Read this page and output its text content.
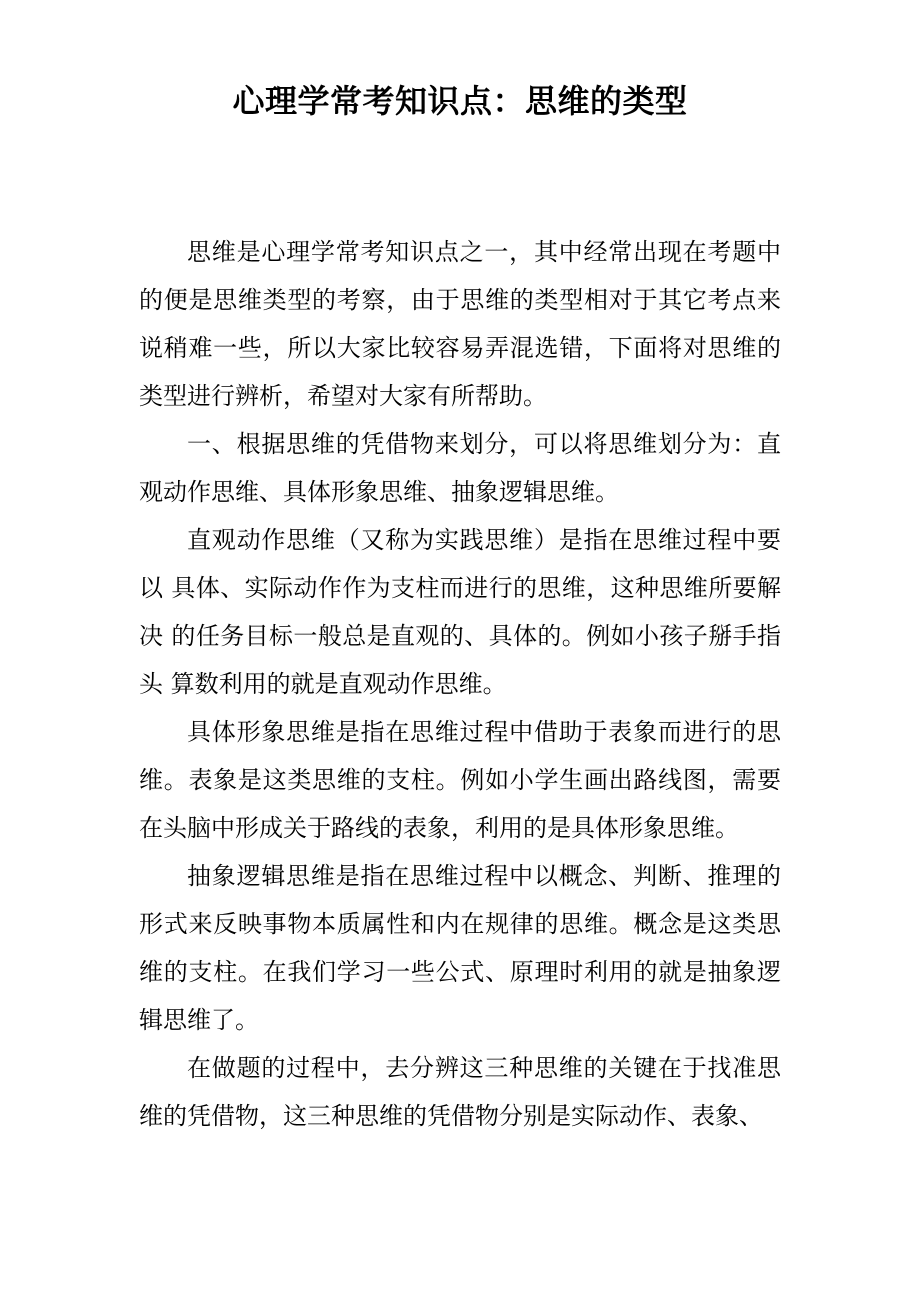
心理学常考知识点：思维的类型

思维是心理学常考知识点之一，其中经常出现在考题中的便是思维类型的考察，由于思维的类型相对于其它考点来说稍难一些，所以大家比较容易弄混选错，下面将对思维的类型进行辨析，希望对大家有所帮助。

一、根据思维的凭借物来划分，可以将思维划分为：直观动作思维、具体形象思维、抽象逻辑思维。

直观动作思维（又称为实践思维）是指在思维过程中要以 具体、实际动作作为支柱而进行的思维，这种思维所要解决 的任务目标一般总是直观的、具体的。例如小孩子掰手指头 算数利用的就是直观动作思维。

具体形象思维是指在思维过程中借助于表象而进行的思维。表象是这类思维的支柱。例如小学生画出路线图，需要在头脑中形成关于路线的表象，利用的是具体形象思维。

抽象逻辑思维是指在思维过程中以概念、判断、推理的形式来反映事物本质属性和内在规律的思维。概念是这类思维的支柱。在我们学习一些公式、原理时利用的就是抽象逻辑思维了。

在做题的过程中，去分辨这三种思维的关键在于找准思维的凭借物，这三种思维的凭借物分别是实际动作、表象、
